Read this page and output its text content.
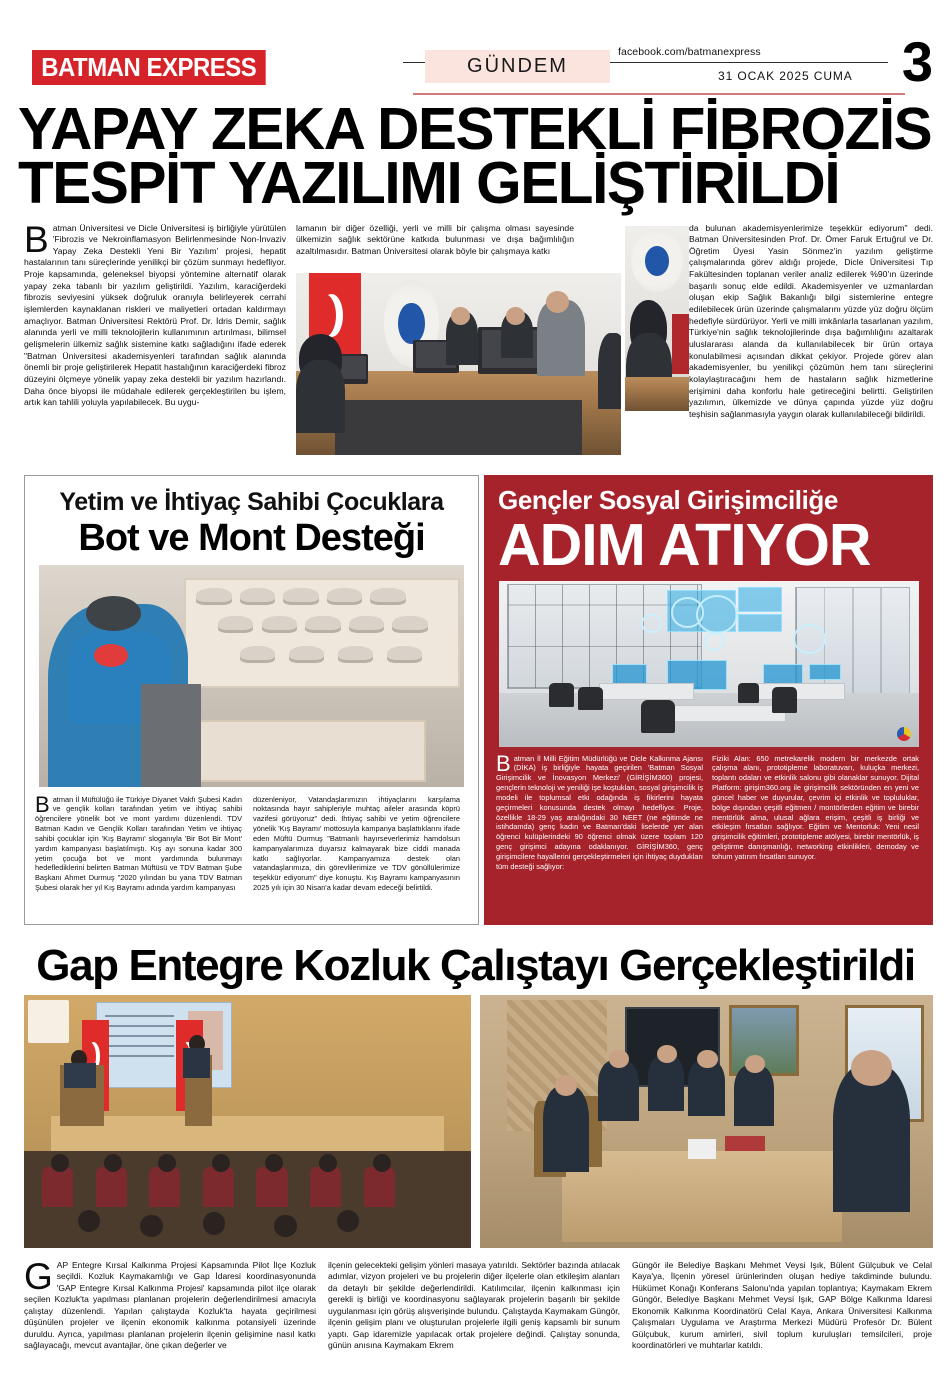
BATMAN EXPRESS	GÜNDEM
facebook.com/batmanexpress
31 OCAK 2025 CUMA 3
YAPAY ZEKA DESTEKLİ FİBROZİS
TESPİT YAZILIMI GELİŞTİRİLDİ
Batman Üniversitesi ve Dicle Üniversitesi iş birliğiyle yürütülen 'Fibrozis ve Nekroinflamasyon Belirlenmesinde Non-İnvaziv Yapay Zeka Destekli Yeni Bir Yazılım' projesi, hepatit hastalarının tanı süreçlerinde yenilikçi bir çözüm sunmayı hedefliyor. Proje kapsamında, geleneksel biyopsi yöntemine alternatif olarak yapay zeka tabanlı bir yazılım geliştirildi. Yazılım, karaciğerdeki fibrozis seviyesini yüksek doğruluk oranıyla belirleyerek cerrahi işlemlerden kaynaklanan riskleri ve maliyetleri ortadan kaldırmayı amaçlıyor. Batman Üniversitesi Rektörü Prof. Dr. İdris Demir, sağlık alanında yerli ve milli teknolojilerin kullanımının artırılması, bilimsel gelişmelerin ülkemiz sağlık sistemine katkı sağladığını ifade ederek "Batman Üniversitesi akademisyenleri tarafından sağlık alanında önemli bir proje geliştirilerek Hepatit hastalığının karaciğerdeki fibroz düzeyini ölçmeye yönelik yapay zeka destekli bir yazılım hazırlandı. Daha önce biyopsi ile müdahale edilerek gerçekleştirilen bu işlem, artık kan tahlili yoluyla yapılabilecek. Bu uygu-
lamanın bir diğer özelliği, yerli ve milli bir çalışma olması sayesinde ülkemizin sağlık sektörüne katkıda bulunması ve dışa bağımlılığın azaltılmasıdır. Batman Üniversitesi olarak böyle bir çalışmaya katkı
da bulunan akademisyenlerimize teşekkür ediyorum" dedi. Batman Üniversitesinden Prof. Dr. Ömer Faruk Ertuğrul ve Dr. Öğretim Üyesi Yasin Sönmez'in yazılım geliştirme çalışmalarında görev aldığı projede, Dicle Üniversitesi Tıp Fakültesinden toplanan veriler analiz edilerek %90'ın üzerinde başarılı sonuç elde edildi. Akademisyenler ve uzmanlardan oluşan ekip Sağlık Bakanlığı bilgi sistemlerine entegre edilebilecek ürün üzerinde çalışmalarını yüzde yüz doğru ölçüm hedefiyle sürdürüyor. Yerli ve milli imkânlarla tasarlanan yazılım, Türkiye'nin sağlık teknolojilerinde dışa bağımlılığını azaltarak uluslararası alanda da kullanılabilecek bir ürün ortaya konulabilmesi açısından dikkat çekiyor. Projede görev alan akademisyenler, bu yenilikçi çözümün hem tanı süreçlerini kolaylaştıracağını hem de hastaların sağlık hizmetlerine erişimini daha konforlu hale getireceğini belirtti. Geliştirilen yazılımın, ülkemizde ve dünya çapında yüzde yüz doğru teşhisin sağlanmasıyla yaygın olarak kullanılabileceği bildirildi.
Yetim ve İhtiyaç Sahibi Çocuklara
Bot ve Mont Desteği
Batman İl Müftülüğü ile Türkiye Diyanet Vakfı Şubesi Kadın ve gençlik kolları tarafından yetim ve ihtiyaç sahibi öğrencilere yönelik bot ve mont yardımı düzenlendi. TDV Batman Kadın ve Gençlik Kolları tarafından Yetim ve ihtiyaç sahibi çocuklar için 'Kış Bayramı' sloganıyla 'Bir Bot Bir Mont' yardım kampanyası başlatılmıştı. Kış ayı sonuna kadar 300 yetim çocuğa bot ve mont yardımında bulunmayı hedeflediklerini belirten Batman Müftüsü ve TDV Batman Şube Başkanı Ahmet Durmuş "2020 yılından bu yana TDV Batman Şubesi olarak her yıl Kış Bayramı adında yardım kampanyası
düzenleniyor, Vatandaşlarımızın ihtiyaçlarını karşılama noktasında hayır sahipleriyle muhtaç aileler arasında köprü vazifesi görüyoruz" dedi. İhtiyaç sahibi ve yetim öğrencilere yönelik 'Kış Bayramı' mottosuyla kampanya başlattıklarını ifade eden Müftü Durmuş "Batmanlı hayırseverlerimiz hamdolsun kampanyalarımıza duyarsız kalmayarak bize ciddi manada katkı sağlıyorlar. Kampanyamıza destek olan vatandaşlarımıza, din görevlilerimize ve TDV gönüllülerimize teşekkür ediyorum" diye konuştu. Kış Bayramı kampanyasının 2025 yılı için 30 Nisan'a kadar devam edeceği belirtildi.
Gençler Sosyal Girişimciliğe
ADIM ATIYOR
Batman İl Milli Eğitim Müdürlüğü ve Dicle Kalkınma Ajansı (DİKA) iş birliğiyle hayata geçirilen 'Batman Sosyal Girişimcilik ve İnovasyon Merkezi' (GİRİŞİM360) projesi, gençlerin teknoloji ve yeniliği işe koştukları, sosyal girişimcilik iş modeli ile toplumsal etki odağında iş fikirlerini hayata geçirmeleri konusunda destek olmayı hedefliyor. Proje, özellikle 18-29 yaş aralığındaki 30 NEET (ne eğitimde ne istihdamda) genç kadın ve Batman'daki liselerde yer alan öğrenci kulüplerindeki 90 öğrenci olmak üzere toplam 120 genç girişimci adayına odaklanıyor. GİRİŞİM360, genç girişimcilere hayallerini gerçekleştirmeleri için ihtiyaç duydukları tüm desteği sağlıyor:
Fiziki Alan: 650 metrekarelik modern bir merkezde ortak çalışma alanı, prototipleme laboratuvarı, kuluçka merkezi, toplantı odaları ve etkinlik salonu gibi olanaklar sunuyor. Dijital Platform: girişim360.org ile girişimcilik sektöründen en yeni ve güncel haber ve duyurular, çevrim içi etkinlik ve topluluklar, bölge dışından çeşitli eğitmen / montörlerden eğitim ve birebir mentörlük alma, ulusal ağlara erişim, çeşitli iş birliği ve etkileşim fırsatları sağlıyor. Eğitim ve Mentorluk: Yeni nesil girişimcilik eğitimleri, prototipleme atölyesi, birebir mentörlük, iş geliştirme danışmanlığı, networking etkinlikleri, demoday ve tohum yatırım fırsatları sunuyor.
Gap Entegre Kozluk Çalıştayı Gerçekleştirildi
GAP Entegre Kırsal Kalkınma Projesi Kapsamında Pilot İlçe Kozluk seçildi. Kozluk Kaymakamlığı ve Gap İdaresi koordinasyonunda 'GAP Entegre Kırsal Kalkınma Projesi' kapsamında pilot ilçe olarak seçilen Kozluk'ta yapılması planlanan projelerin değerlendirilmesi amacıyla çalıştay düzenlendi. Yapılan çalıştayda Kozluk'ta hayata geçirilmesi düşünülen projeler ve ilçenin ekonomik kalkınma potansiyeli üzerinde duruldu. Ayrıca, yapılması planlanan projelerin ilçenin gelişimine nasıl katkı sağlayacağı, mevcut avantajlar, öne çıkan değerler ve
ilçenin gelecekteki gelişim yönleri masaya yatırıldı. Sektörler bazında atılacak adımlar, vizyon projeleri ve bu projelerin diğer ilçelerle olan etkileşim alanları da detaylı bir şekilde değerlendirildi. Katılımcılar, ilçenin kalkınması için gerekli iş birliği ve koordinasyonu sağlayarak projelerin başarılı bir şekilde uygulanması için görüş alışverişinde bulundu. Çalıştayda Kaymakam Güngör, ilçenin gelişim planı ve oluşturulan projelerle ilgili geniş kapsamlı bir sunum yaptı. Gap idaremizle yapılacak ortak projelere değindi. Çalıştay sonunda, günün anısına Kaymakam Ekrem
Güngör ile Belediye Başkanı Mehmet Veysi Işık, Bülent Gülçubuk ve Celal Kaya'ya, İlçenin yöresel ürünlerinden oluşan hediye takdiminde bulundu. Hükümet Konağı Konferans Salonu'nda yapılan toplantıya; Kaymakam Ekrem Güngör, Belediye Başkanı Mehmet Veysi Işık, GAP Bölge Kalkınma İdaresi Ekonomik Kalkınma Koordinatörü Celal Kaya, Ankara Üniversitesi Kalkınma Çalışmaları Uygulama ve Araştırma Merkezi Müdürü Profesör Dr. Bülent Gülçubuk, kurum amirleri, sivil toplum kuruluşları temsilcileri, proje koordinatörleri ve muhtarlar katıldı.
